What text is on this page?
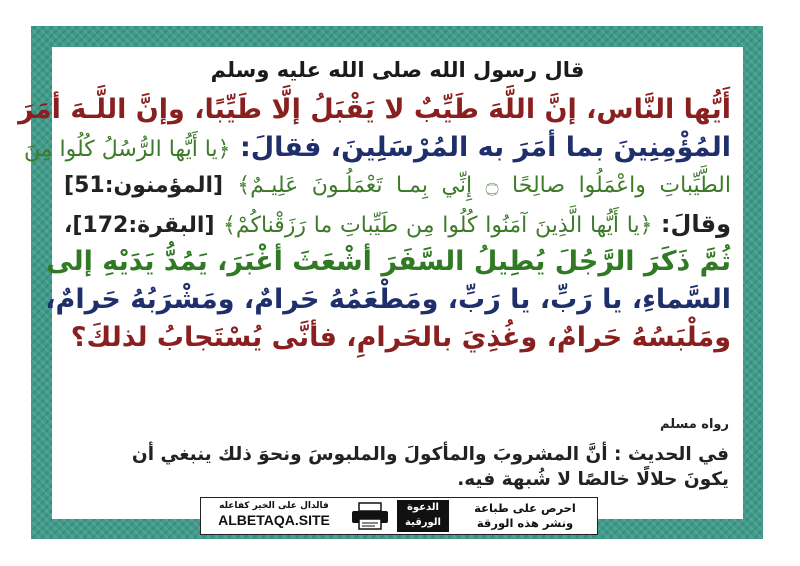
قال رسول الله صلى الله عليه وسلم
أَيُّها النَّاس، إنَّ اللَّهَ طَيِّبٌ لا يَقْبَلُ إلَّا طَيِّبًا، وإنَّ اللَّـهَ أمَرَ
المُؤْمِنِينَ بما أمَرَ به المُرْسَلِينَ، فقالَ: ﴿يا أَيُّها الرُّسُلُ كُلُوا مِنَ
الطَّيِّباتِ واعْمَلُوا صالِحًا ۝ إِنِّي بِمـا تَعْمَلُـونَ عَلِيـمٌ﴾ [المؤمنون:51]
وقالَ: ﴿يا أَيُّها الَّذِينَ آمَنُوا كُلُوا مِن طَيِّباتِ ما رَزَقْناكُمْ﴾ [البقرة:172]،
ثُمَّ ذَكَرَ الرَّجُلَ يُطِيلُ السَّفَرَ أشْعَثَ أغْبَرَ، يَمُدُّ يَدَيْهِ إلى
السَّماءِ، يا رَبِّ، يا رَبِّ، ومَطْعَمُهُ حَرامٌ، ومَشْرَبُهُ حَرامٌ،
ومَلْبَسُهُ حَرامٌ، وغُذِيَ بالحَرامِ، فأنَّى يُسْتَجابُ لذلكَ؟
رواه مسلم
في الحديث : أنَّ المشروبَ والمأكولَ والملبوسَ ونحوَ ذلك ينبغي أن
يكونَ حلالًا خالصًا لا شُبهة فيه.
فالدال على الخير كفاعله
ALBETAQA.SITE
الدعوة
الورقية
احرص على طباعة
ونشر هذه الورقة
